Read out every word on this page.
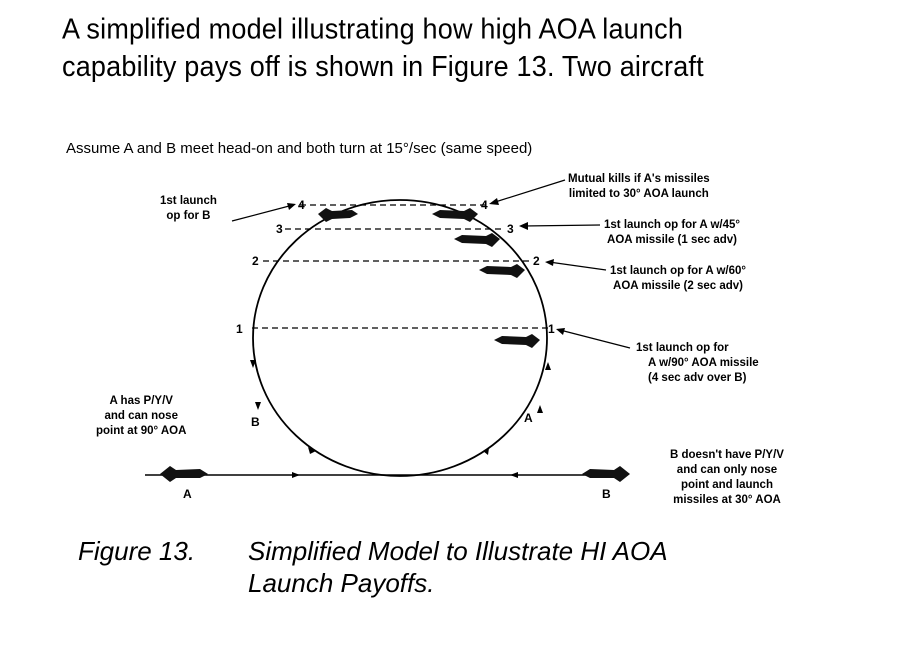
A simplified model illustrating how high AOA launch
capability pays off is shown in Figure 13. Two aircraft
Assume A and B meet head-on and both turn at 15°/sec (same speed)
4	4
3	3
2	2
1	1
A	B
B	A
1st launch
op for B
Mutual kills if A's missiles
limited to 30° AOA launch
1st launch op for A w/45°
AOA missile (1 sec adv)
1st launch op for A w/60°
AOA missile (2 sec adv)
1st launch op for
A w/90° AOA missile
(4 sec adv over B)
A has P/Y/V
and can nose
point at 90° AOA
B doesn't have P/Y/V
and can only nose
point and launch
missiles at 30° AOA
Figure 13. Simplified Model to Illustrate HI AOA
Launch Payoffs.
